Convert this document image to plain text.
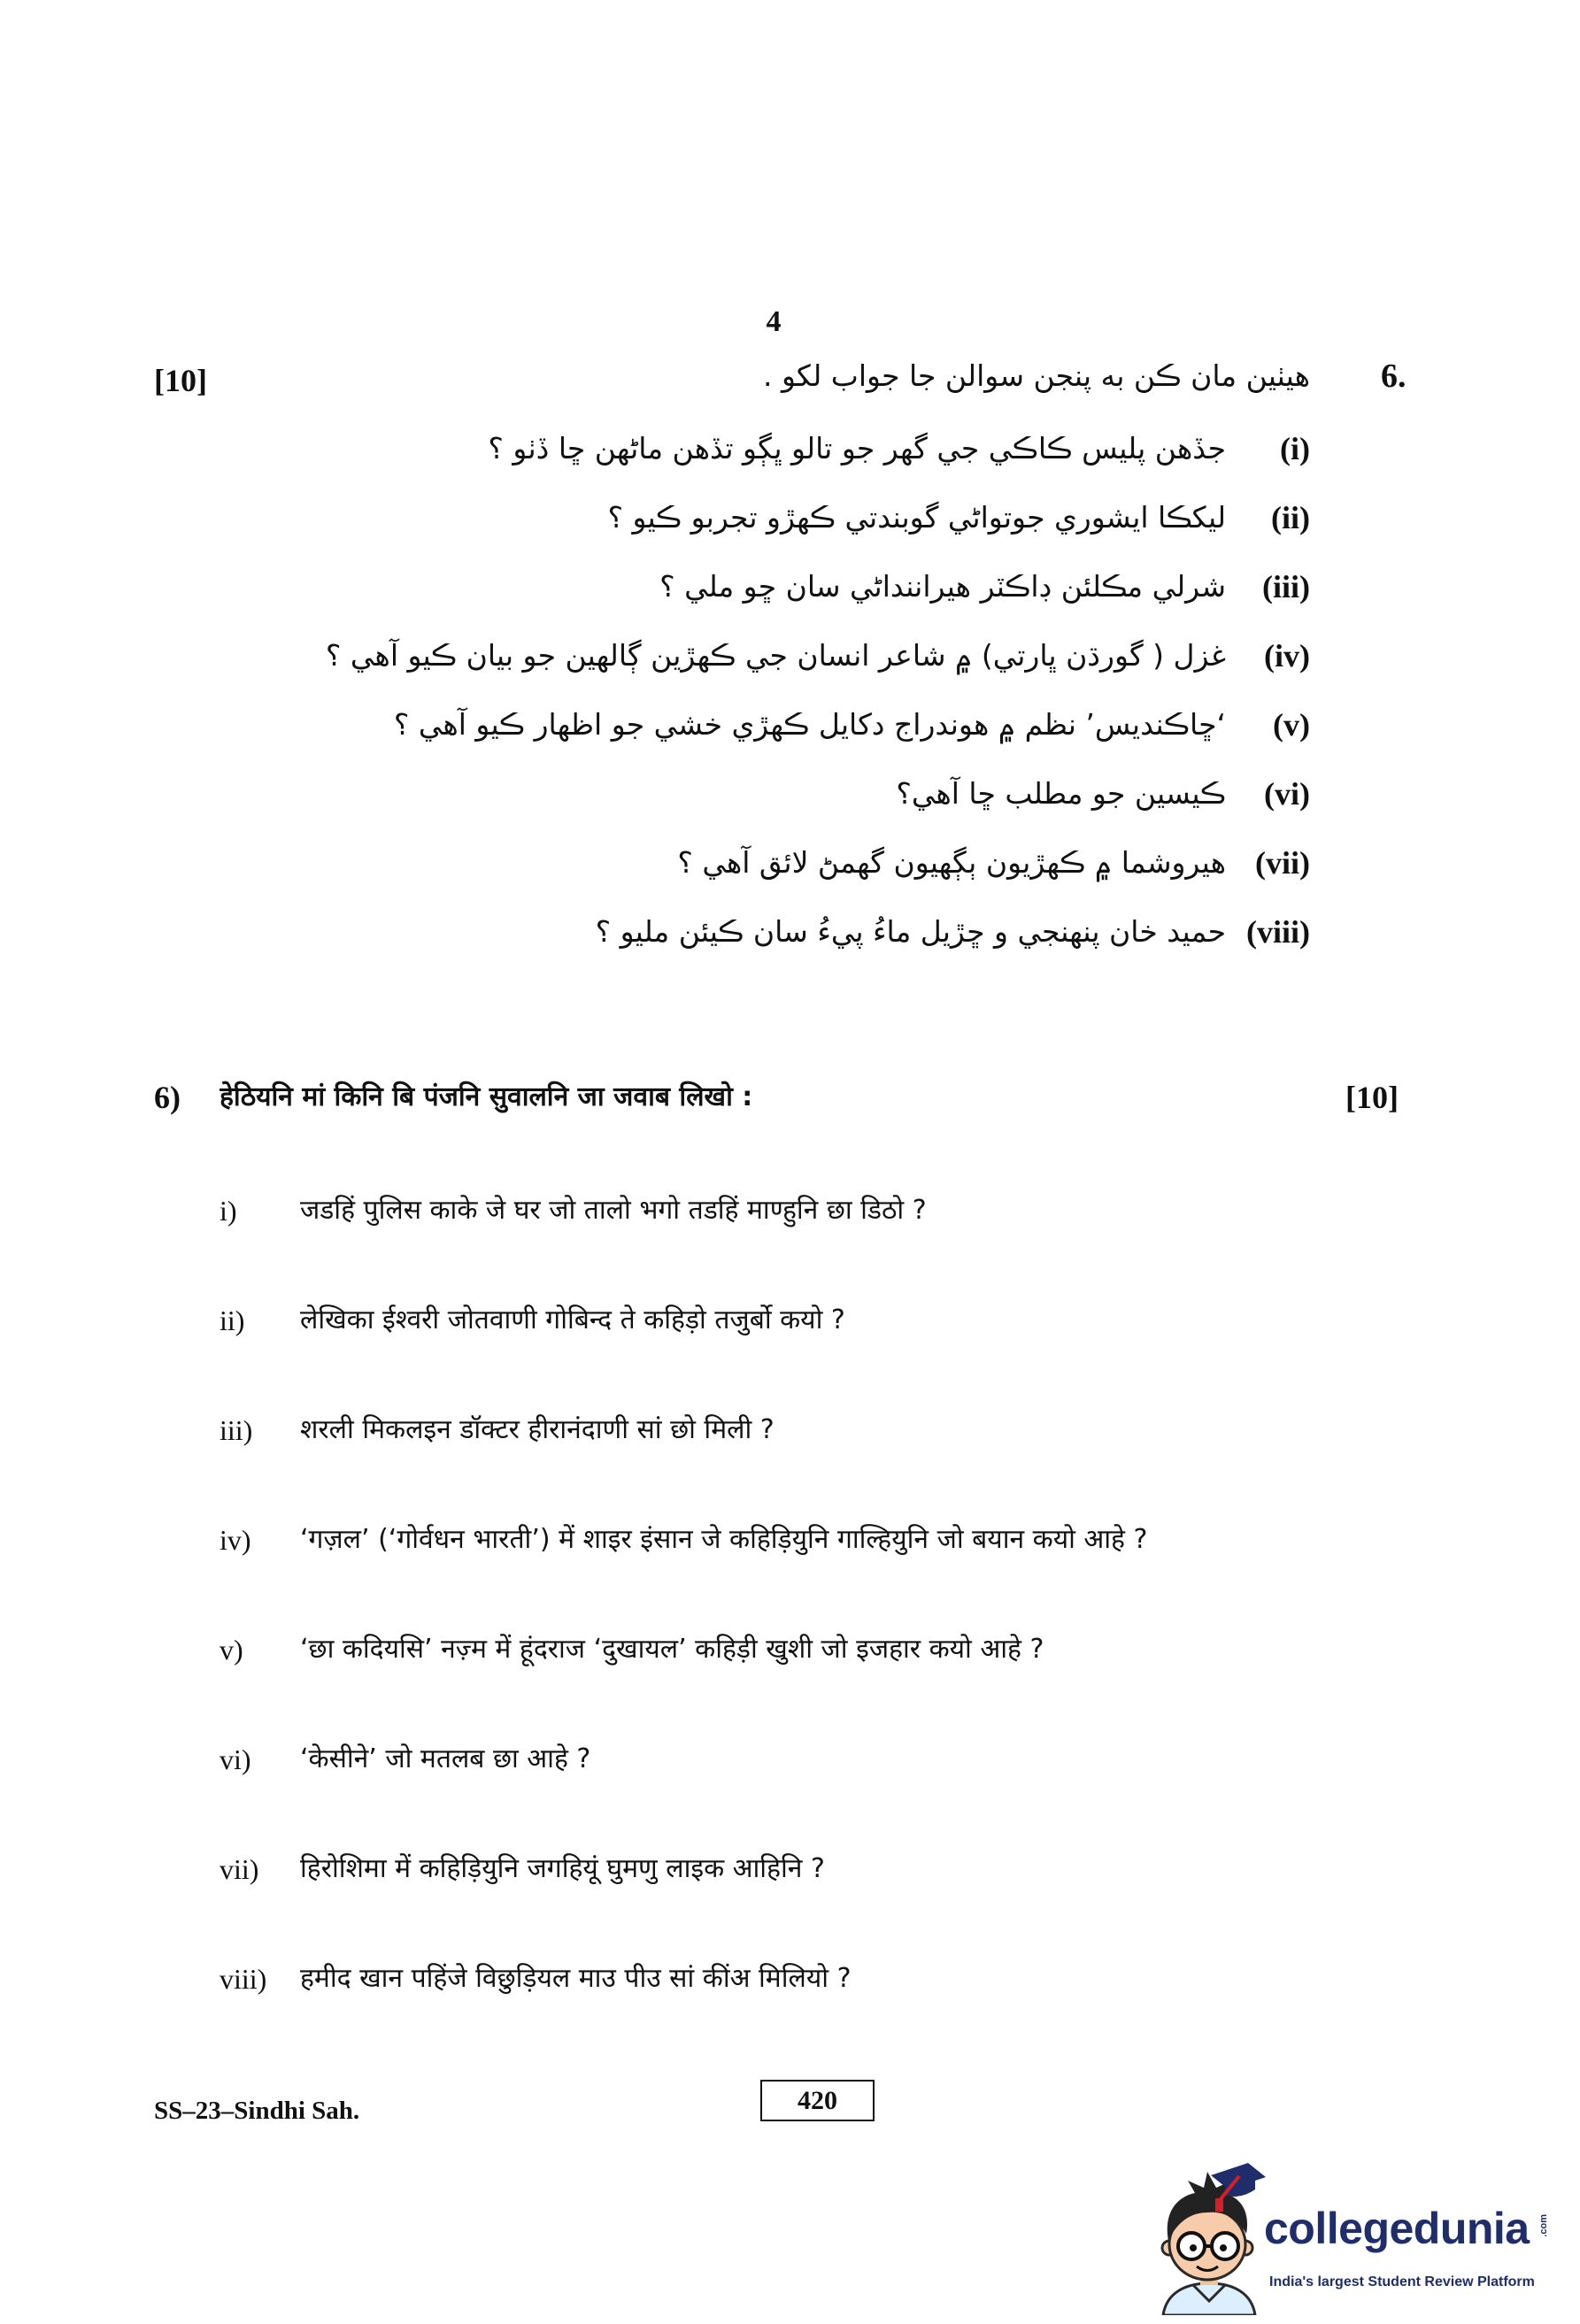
4
[10]	6.
هيٺين مان ڪن به پنجن سوالن جا جواب لکو .
(i)
جڏهن پليس ڪاڪي جي گهر جو تالو ڀڳو تڏهن ماڻهن ڇا ڏٺو ؟
(ii)
ليکڪا ايشوري جوتواڻي گوبندتي ڪهڙو تجربو ڪيو ؟
(iii)
شرلي مڪلئن ڊاڪٽر هيراننداڻي سان ڇو ملي ؟
(iv)
غزل ( گورڌن ڀارتي) ۾ شاعر انسان جي ڪهڙين ڳالهين جو بيان ڪيو آهي ؟
(v)
‘ڇاڪنديس’ نظم ۾ هوندراج دکايل ڪهڙي خشي جو اظهار ڪيو آهي ؟
(vi)
ڪيسين جو مطلب ڇا آهي؟
(vii)
هيروشما ۾ ڪهڙيون ٻڳهيون گهمڻ لائق آهي ؟
(viii)
حميد خان پنهنجي و ڇڙيل ماءُ پيءُ سان ڪيئن مليو ؟
6) हेठियनि मां किनि बि पंजनि सुवालनि जा जवाब लिखो :	[10]
i)	जडहिं पुलिस काके जे घर जो तालो भगो तडहिं माण्हुनि छा डिठो ?
ii)	लेखिका ईश्वरी जोतवाणी गोबिन्द ते कहिड़ो तजुर्बो कयो ?
iii)	शरली मिकलइन डॉक्टर हीरानंदाणी सां छो मिली ?
iv)	‘गज़ल’ (‘गोर्वधन भारती’) में शाइर इंसान जे कहिड़ियुनि गाल्हियुनि जो बयान कयो आहे ?
v)	‘छा कदियसि’ नज़्म में हूंदराज ‘दुखायल’ कहिड़ी खुशी जो इजहार कयो आहे ?
vi)	‘केसीने’ जो मतलब छा आहे ?
vii)	हिरोशिमा में कहिड़ियुनि जगहियूं घुमणु लाइक आहिनि ?
viii)	हमीद खान पहिंजे विछुड़ियल माउ पीउ सां कींअ मिलियो ?
SS–23–Sindhi Sah.	420
collegedunia .com
India's largest Student Review Platform
